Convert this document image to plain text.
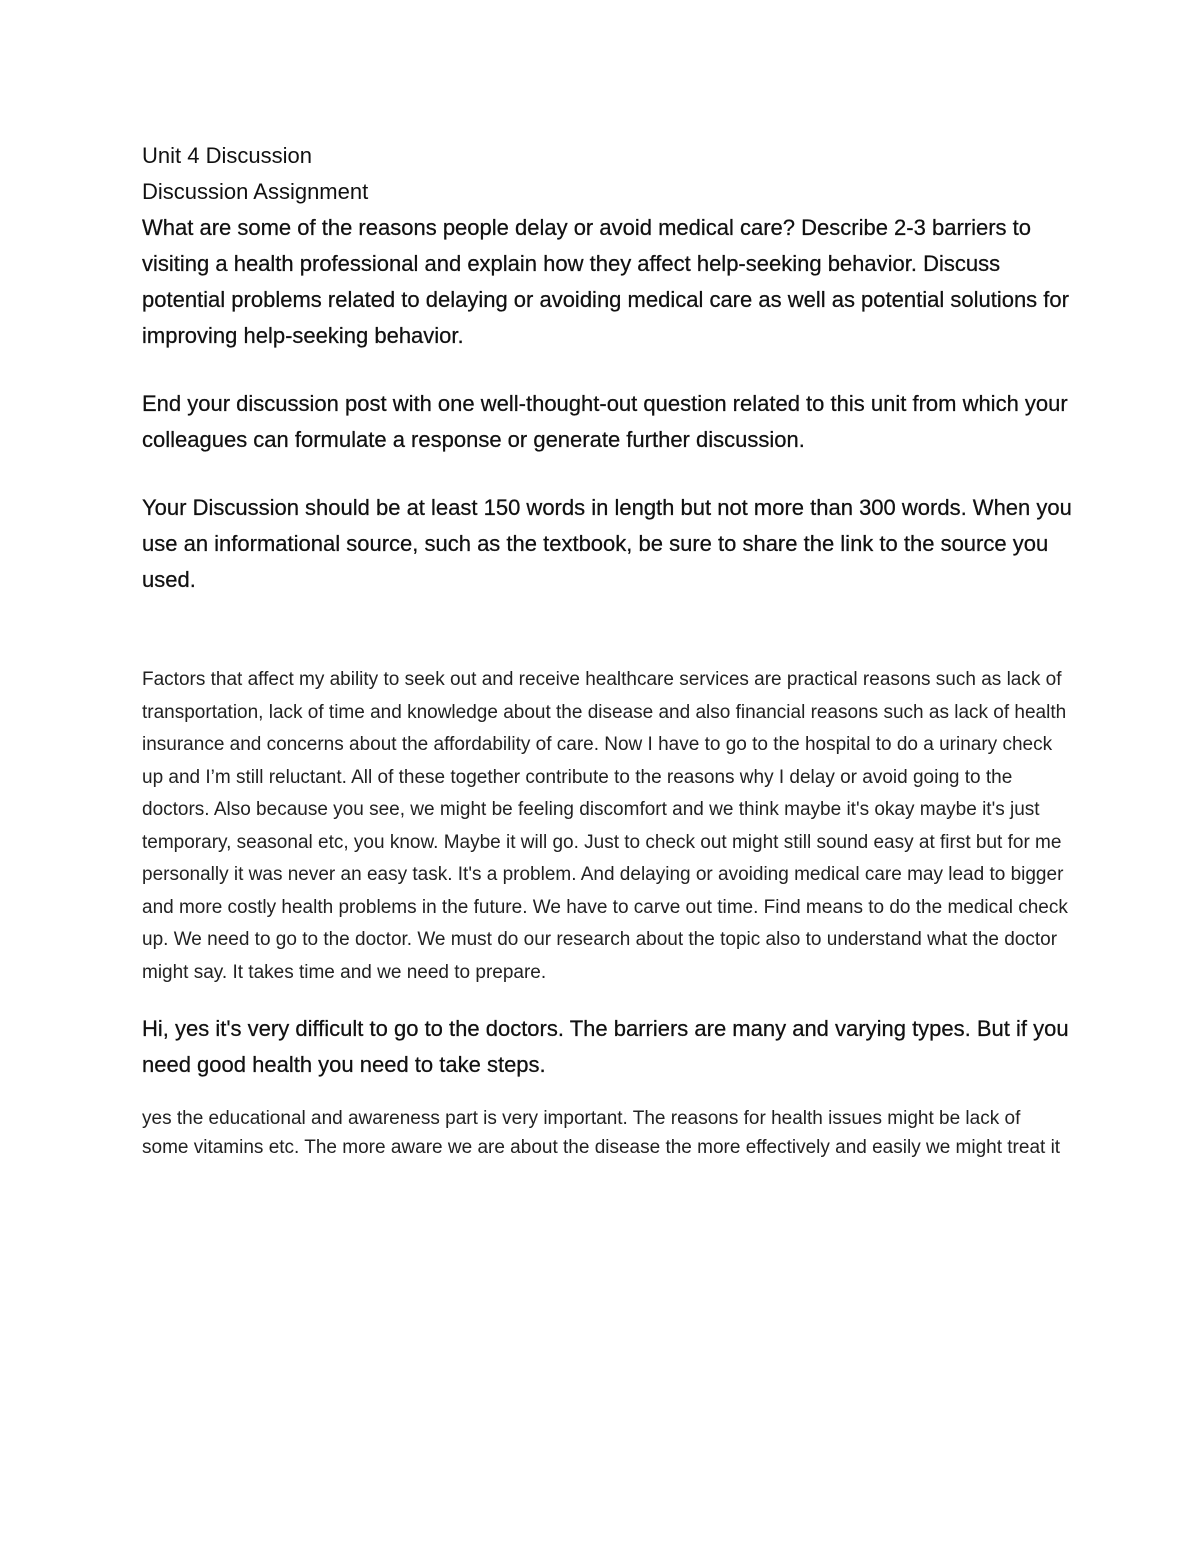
Unit 4 Discussion

Discussion Assignment

What are some of the reasons people delay or avoid medical care? Describe 2-3 barriers to visiting a health professional and explain how they affect help-seeking behavior. Discuss potential problems related to delaying or avoiding medical care as well as potential solutions for improving help-seeking behavior.

End your discussion post with one well-thought-out question related to this unit from which your colleagues can formulate a response or generate further discussion.

Your Discussion should be at least 150 words in length but not more than 300 words. When you use an informational source, such as the textbook, be sure to share the link to the source you used.

Factors that affect my ability to seek out and receive healthcare services are practical reasons such as lack of transportation, lack of time and knowledge about the disease and also financial reasons such as lack of health insurance and concerns about the affordability of care. Now I have to go to the hospital to do a urinary check up and I’m still reluctant. All of these together contribute to the reasons why I delay or avoid going to the doctors. Also because you see, we might be feeling discomfort and we think maybe it's okay maybe it's just temporary, seasonal etc, you know. Maybe it will go. Just to check out might still sound easy at first but for me personally it was never an easy task. It's a problem. And delaying or avoiding medical care may lead to bigger and more costly health problems in the future. We have to carve out time. Find means to do the medical check up. We need to go to the doctor. We must do our research about the topic also to understand what the doctor might say. It takes time and we need to prepare.

Hi, yes it's very difficult to go to the doctors. The barriers are many and varying types. But if you need good health you need to take steps.

yes the educational and awareness part is very important. The reasons for health issues might be lack of some vitamins etc. The more aware we are about the disease the more effectively and easily we might treat it
